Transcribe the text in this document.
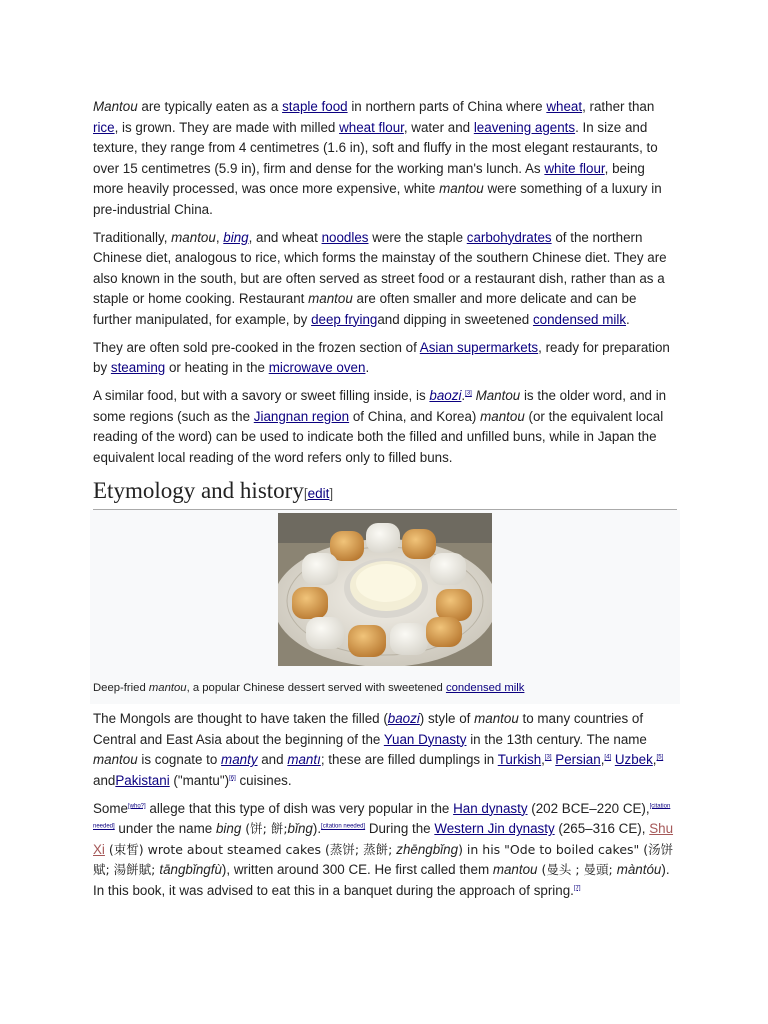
Mantou are typically eaten as a staple food in northern parts of China where wheat, rather than rice, is grown. They are made with milled wheat flour, water and leavening agents. In size and texture, they range from 4 centimetres (1.6 in), soft and fluffy in the most elegant restaurants, to over 15 centimetres (5.9 in), firm and dense for the working man's lunch. As white flour, being more heavily processed, was once more expensive, white mantou were something of a luxury in pre-industrial China.

Traditionally, mantou, bing, and wheat noodles were the staple carbohydrates of the northern Chinese diet, analogous to rice, which forms the mainstay of the southern Chinese diet. They are also known in the south, but are often served as street food or a restaurant dish, rather than as a staple or home cooking. Restaurant mantou are often smaller and more delicate and can be further manipulated, for example, by deep fryingand dipping in sweetened condensed milk.

They are often sold pre-cooked in the frozen section of Asian supermarkets, ready for preparation by steaming or heating in the microwave oven.

A similar food, but with a savory or sweet filling inside, is baozi.[3] Mantou is the older word, and in some regions (such as the Jiangnan region of China, and Korea) mantou (or the equivalent local reading of the word) can be used to indicate both the filled and unfilled buns, while in Japan the equivalent local reading of the word refers only to filled buns.

Etymology and history[edit]
Deep-fried mantou, a popular Chinese dessert served with sweetened condensed milk

The Mongols are thought to have taken the filled (baozi) style of mantou to many countries of Central and East Asia about the beginning of the Yuan Dynasty in the 13th century. The name mantou is cognate to manty and mantı; these are filled dumplings in Turkish,[3] Persian,[4] Uzbek,[5] andPakistani ("mantu")[6] cuisines.

Some[who?] allege that this type of dish was very popular in the Han dynasty (202 BCE–220 CE),[citation needed] under the name bing (饼; 餅;bǐng).[citation needed] During the Western Jin dynasty (265–316 CE), Shu Xi (束皙) wrote about steamed cakes (蒸饼; 蒸餅; zhēngbǐng) in his "Ode to boiled cakes" (汤饼赋; 湯餅賦; tāngbǐngfù), written around 300 CE. He first called them mantou (曼头 ; 曼頭; màntóu). In this book, it was advised to eat this in a banquet during the approach of spring.[7]
